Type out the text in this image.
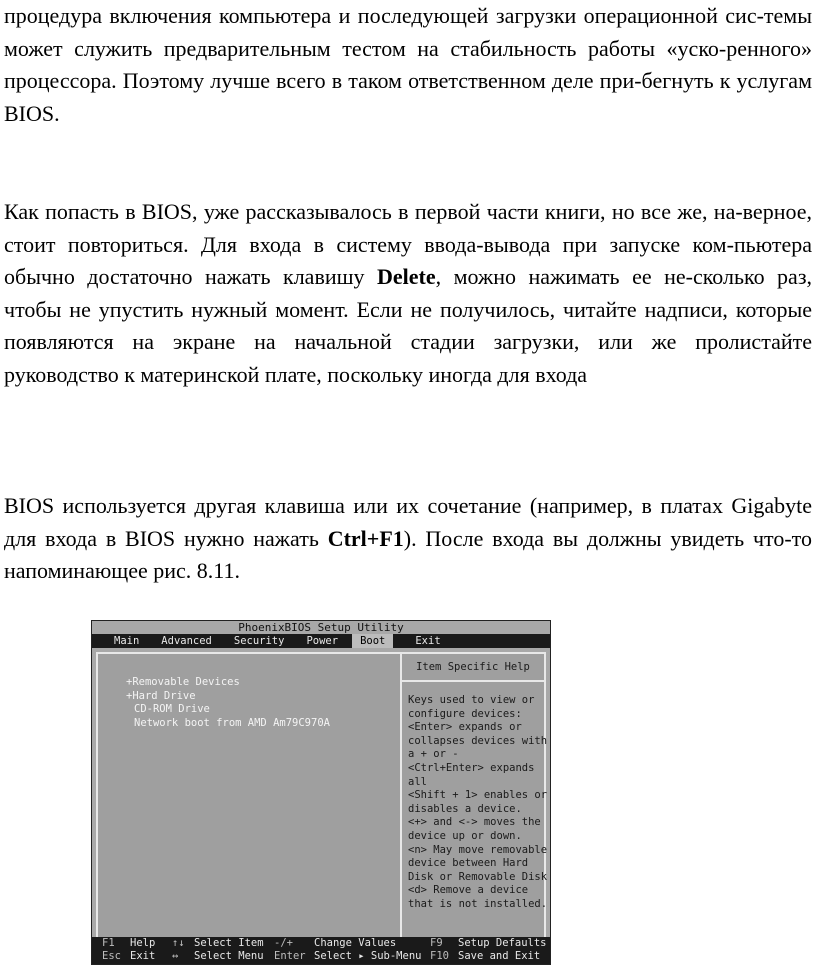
процедура включения компьютера и последующей загрузки операционной сис-темы может служить предварительным тестом на стабильность работы «уско-ренного» процессора. Поэтому лучше всего в таком ответственном деле при-бегнуть к услугам BIOS.

Как попасть в BIOS, уже рассказывалось в первой части книги, но все же, на-верное, стоит повториться. Для входа в систему ввода-вывода при запуске ком-пьютера обычно достаточно нажать клавишу Delete, можно нажимать ее не-сколько раз, чтобы не упустить нужный момент. Если не получилось, читайте надписи, которые появляются на экране на начальной стадии загрузки, или же пролистайте руководство к материнской плате, поскольку иногда для входа

BIOS используется другая клавиша или их сочетание (например, в платах Gigabyte для входа в BIOS нужно нажать Ctrl+F1). После входа вы должны увидеть что-то напоминающее рис. 8.11.

PhoenixBIOS Setup Utility
Main	Advanced	Security	Power	Boot	Exit
+Removable Devices
+Hard Drive
CD-ROM Drive
Network boot from AMD Am79C970A
Item Specific Help
Keys used to view or
configure devices:
<Enter> expands or
collapses devices with
a + or -
<Ctrl+Enter> expands
all
<Shift + 1> enables or
disables a device.
<+> and <-> moves the
device up or down.
<n> May move removable
device between Hard
Disk or Removable Disk
<d> Remove a device
that is not installed.
F1 Help ↑↓ Select Item -/+ Change Values	F9 Setup Defaults
Esc Exit ↔ Select Menu Enter Select ▸ Sub-Menu F10 Save and Exit
